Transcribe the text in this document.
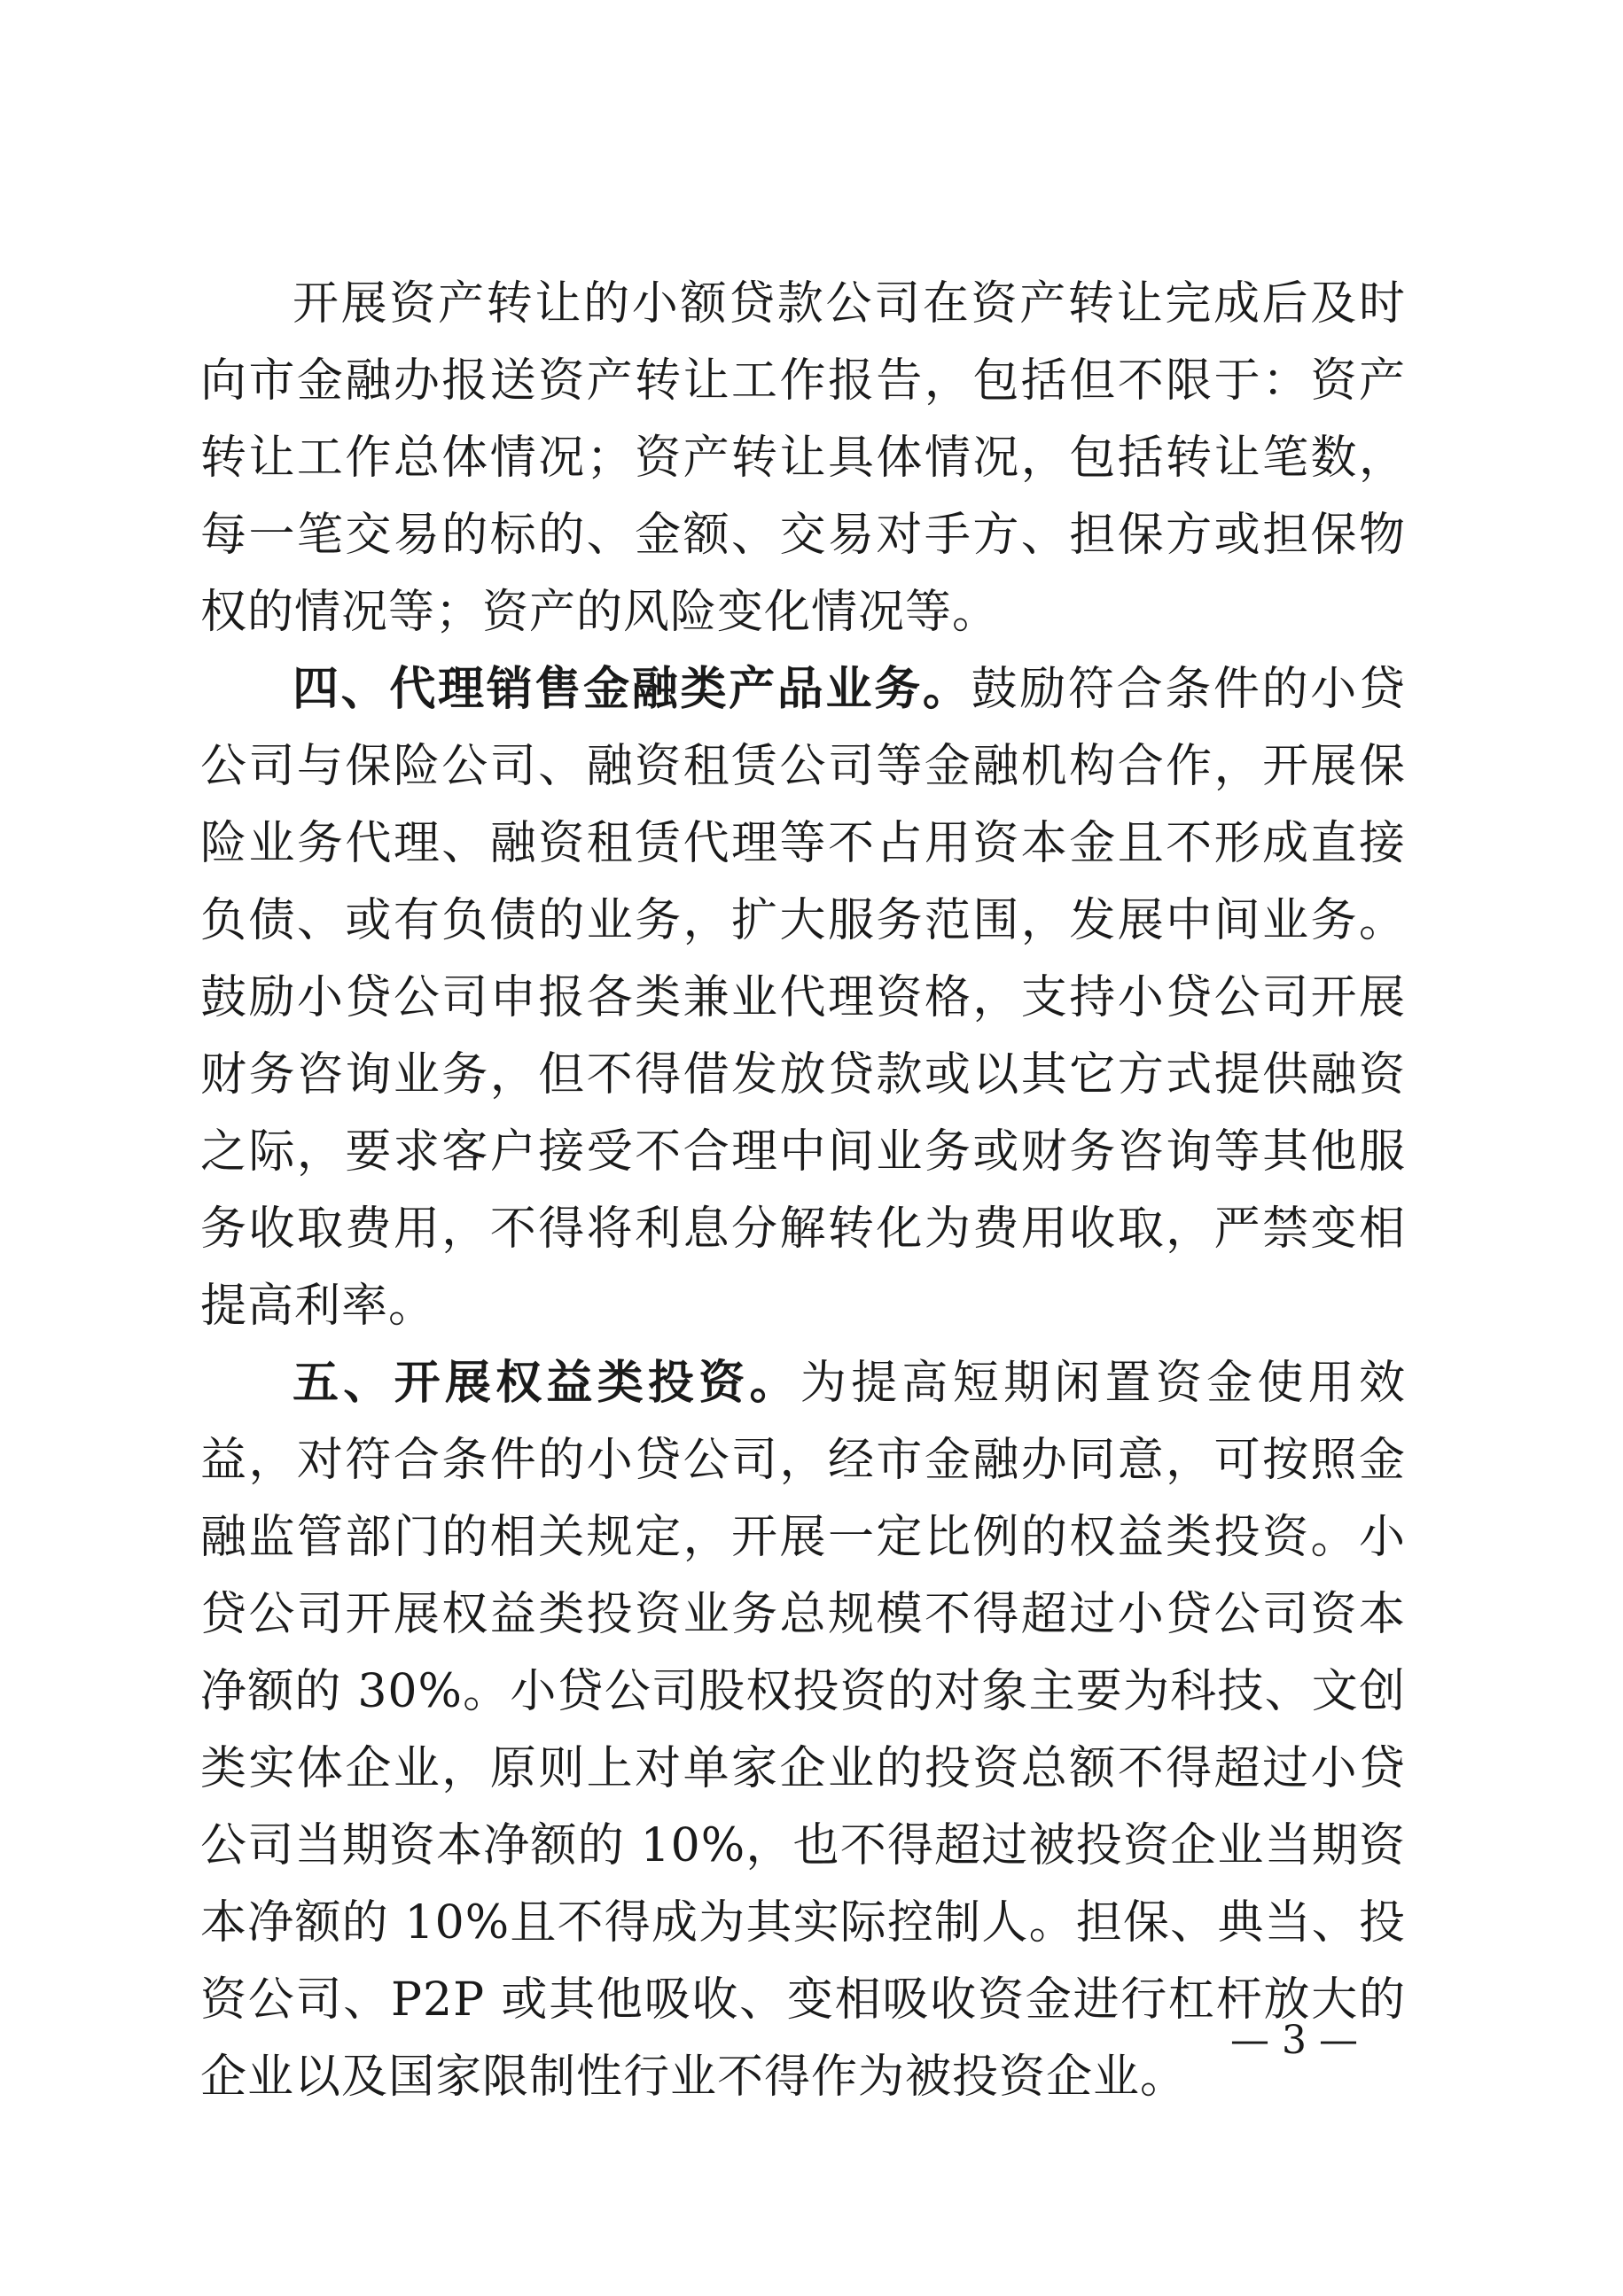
开展资产转让的小额贷款公司在资产转让完成后及时向市金融办报送资产转让工作报告，包括但不限于：资产转让工作总体情况；资产转让具体情况，包括转让笔数，每一笔交易的标的、金额、交易对手方、担保方或担保物权的情况等；资产的风险变化情况等。

四、代理销售金融类产品业务。鼓励符合条件的小贷公司与保险公司、融资租赁公司等金融机构合作，开展保险业务代理、融资租赁代理等不占用资本金且不形成直接负债、或有负债的业务，扩大服务范围，发展中间业务。鼓励小贷公司申报各类兼业代理资格，支持小贷公司开展财务咨询业务，但不得借发放贷款或以其它方式提供融资之际，要求客户接受不合理中间业务或财务咨询等其他服务收取费用，不得将利息分解转化为费用收取，严禁变相提高利率。

五、开展权益类投资。为提高短期闲置资金使用效益，对符合条件的小贷公司，经市金融办同意，可按照金融监管部门的相关规定，开展一定比例的权益类投资。小贷公司开展权益类投资业务总规模不得超过小贷公司资本净额的 30%。小贷公司股权投资的对象主要为科技、文创类实体企业，原则上对单家企业的投资总额不得超过小贷公司当期资本净额的 10%，也不得超过被投资企业当期资本净额的 10%且不得成为其实际控制人。担保、典当、投资公司、P2P 或其他吸收、变相吸收资金进行杠杆放大的企业以及国家限制性行业不得作为被投资企业。

— 3 —
